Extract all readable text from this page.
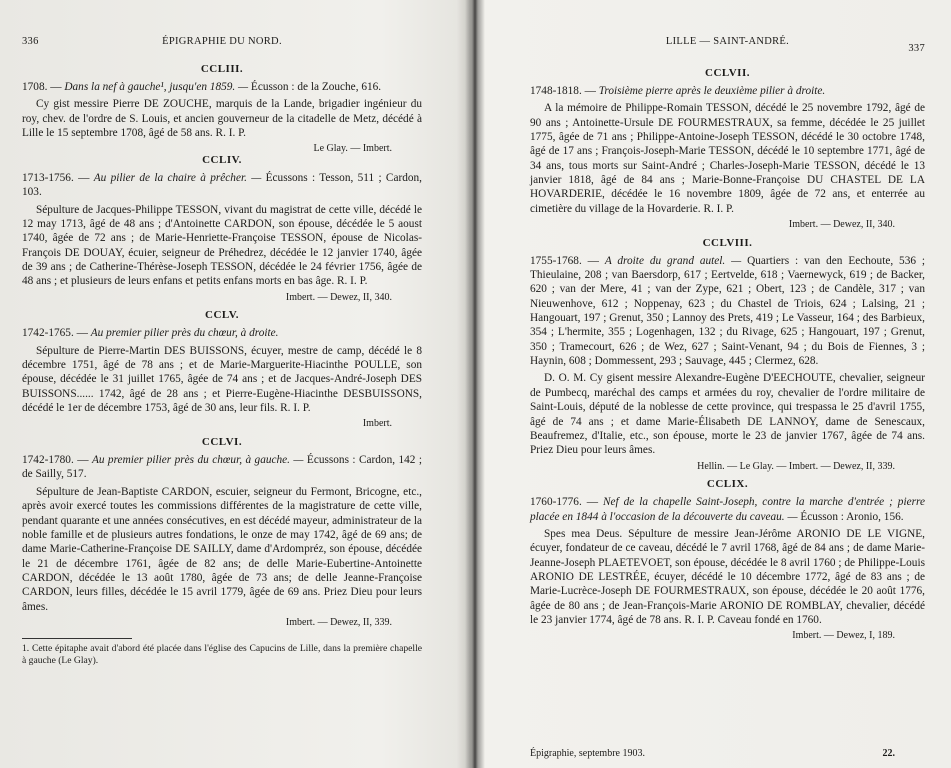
336	ÉPIGRAPHIE DU NORD.
CCLIII.
1708. — Dans la nef à gauche¹, jusqu'en 1859. — Écusson : de la Zouche, 616.

Cy gist messire Pierre DE ZOUCHE, marquis de la Lande, brigadier ingénieur du roy, chev. de l'ordre de S. Louis, et ancien gouverneur de la citadelle de Metz, décédé à Lille le 15 septembre 1708, âgé de 58 ans. R. I. P.

Le Glay. — Imbert.
CCLIV.
1713-1756. — Au pilier de la chaire à prêcher. — Écussons : Tesson, 511 ; Cardon, 103.

Sépulture de Jacques-Philippe TESSON, vivant du magistrat de cette ville, décédé le 12 may 1713, âgé de 48 ans ; d'Antoinette CARDON, son épouse, décédée le 5 aoust 1740, âgée de 72 ans ; de Marie-Henriette-Françoise TESSON, épouse de Nicolas-François DE DOUAY, écuier, seigneur de Préhedrez, décédée le 12 janvier 1740, âgée de 39 ans ; de Catherine-Thérèse-Joseph TESSON, décédée le 24 février 1756, âgée de 48 ans ; et plusieurs de leurs enfans et petits enfans morts en bas âge. R. I. P.

Imbert. — Dewez, II, 340.
CCLV.
1742-1765. — Au premier pilier près du chœur, à droite.

Sépulture de Pierre-Martin DES BUISSONS, écuyer, mestre de camp, décédé le 8 décembre 1751, âgé de 78 ans ; et de Marie-Marguerite-Hiacinthe POULLE, son épouse, décédée le 31 juillet 1765, âgée de 74 ans ; et de Jacques-André-Joseph DES BUISSONS...... 1742, âgé de 28 ans ; et Pierre-Eugène-Hiacinthe DESBUISSONS, décédé le 1er de décembre 1753, âgé de 30 ans, leur fils. R. I. P.

Imbert.
CCLVI.
1742-1780. — Au premier pilier près du chœur, à gauche. — Écussons : Cardon, 142 ; de Sailly, 517.

Sépulture de Jean-Baptiste CARDON, escuier, seigneur du Fermont, Bricogne, etc., après avoir exercé toutes les commissions différentes de la magistrature de cette ville, pendant quarante et une années consécutives, en est décédé mayeur, administrateur de la noble famille et de plusieurs autres fondations, le onze de may 1742, âgé de 69 ans; de dame Marie-Catherine-Françoise DE SAILLY, dame d'Ardompréz, son épouse, décédée le 21 de décembre 1761, âgée de 82 ans; de delle Marie-Eubertine-Antoinette CARDON, décédée le 13 août 1780, âgée de 73 ans; de delle Jeanne-Françoise CARDON, leurs filles, décédée le 15 avril 1779, âgée de 69 ans. Priez Dieu pour leurs âmes.

Imbert. — Dewez, II, 339.

1. Cette épitaphe avait d'abord été placée dans l'église des Capucins de Lille, dans la première chapelle à gauche (Le Glay).

LILLE — SAINT-ANDRÉ.
337
CCLVII.
1748-1818. — Troisième pierre après le deuxième pilier à droite.

A la mémoire de Philippe-Romain TESSON, décédé le 25 novembre 1792, âgé de 90 ans ; Antoinette-Ursule DE FOURMESTRAUX, sa femme, décédée le 25 juillet 1775, âgée de 71 ans ; Philippe-Antoine-Joseph TESSON, décédé le 30 octobre 1748, âgé de 17 ans ; François-Joseph-Marie TESSON, décédé le 10 septembre 1771, âgé de 34 ans, tous morts sur Saint-André ; Charles-Joseph-Marie TESSON, décédé le 13 janvier 1818, âgé de 84 ans ; Marie-Bonne-Françoise DU CHASTEL DE LA HOVARDERIE, décédée le 16 novembre 1809, âgée de 72 ans, et enterrée au cimetière du village de la Hovarderie. R. I. P.

Imbert. — Dewez, II, 340.
CCLVIII.
1755-1768. — A droite du grand autel. — Quartiers : van den Eechoute, 536 ; Thieulaine, 208 ; van Baersdorp, 617 ; Eertvelde, 618 ; Vaernewyck, 619 ; de Backer, 620 ; van der Mere, 41 ; van der Zype, 621 ; Obert, 123 ; de Candèle, 317 ; van Nieuwenhove, 612 ; Noppenay, 623 ; du Chastel de Triois, 624 ; Lalsing, 21 ; Hangouart, 197 ; Grenut, 350 ; Lannoy des Prets, 419 ; Le Vasseur, 164 ; des Barbieux, 354 ; L'hermite, 355 ; Logenhagen, 132 ; du Rivage, 625 ; Hangouart, 197 ; Grenut, 350 ; Tramecourt, 626 ; de Wez, 627 ; Saint-Venant, 94 ; du Bois de Fiennes, 3 ; Haynin, 608 ; Dommessent, 293 ; Sauvage, 445 ; Clermez, 628.

D. O. M. Cy gisent messire Alexandre-Eugène D'EECHOUTE, chevalier, seigneur de Pumbecq, maréchal des camps et armées du roy, chevalier de l'ordre militaire de Saint-Louis, député de la noblesse de cette province, qui trespassa le 25 d'avril 1755, âgé de 74 ans ; et dame Marie-Élisabeth DE LANNOY, dame de Senescaux, Beaufremez, d'Italie, etc., son épouse, morte le 23 de janvier 1767, âgée de 74 ans. Priez Dieu pour leurs âmes.

Hellin. — Le Glay. — Imbert. — Dewez, II, 339.
CCLIX.
1760-1776. — Nef de la chapelle Saint-Joseph, contre la marche d'entrée ; pierre placée en 1844 à l'occasion de la découverte du caveau. — Écusson : Aronio, 156.

Spes mea Deus. Sépulture de messire Jean-Jérôme ARONIO DE LE VIGNE, écuyer, fondateur de ce caveau, décédé le 7 avril 1768, âgé de 84 ans ; de dame Marie-Jeanne-Joseph PLAETEVOET, son épouse, décédée le 8 avril 1760 ; de Philippe-Louis ARONIO DE LESTRÉE, écuyer, décédé le 10 décembre 1772, âgé de 83 ans ; de Marie-Lucrèce-Joseph DE FOURMESTRAUX, son épouse, décédée le 20 août 1776, âgée de 80 ans ; de Jean-François-Marie ARONIO DE ROMBLAY, chevalier, décédé le 23 janvier 1774, âgé de 78 ans. R. I. P. Caveau fondé en 1760.

Imbert. — Dewez, I, 189.
Épigraphie, septembre 1903.	22.
